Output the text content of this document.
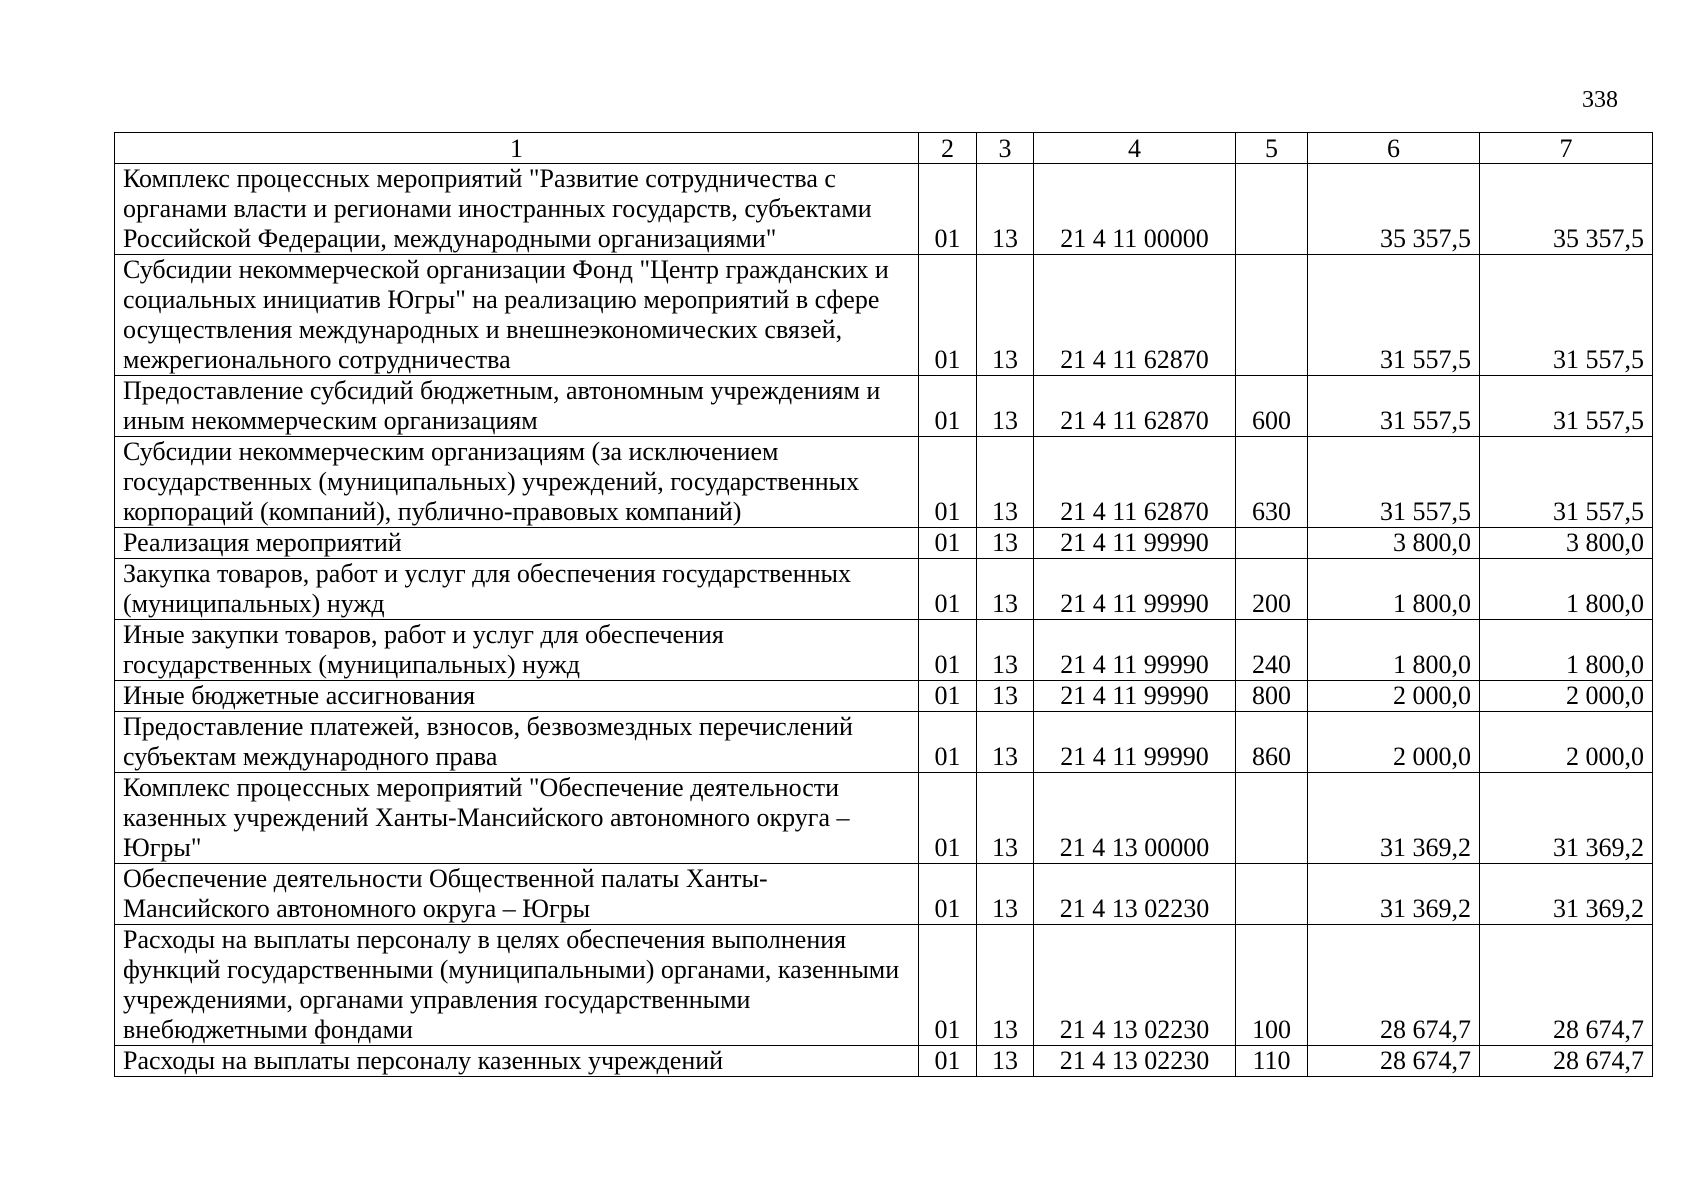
338
1	2	3	4	5	6	7
Комплекс процессных мероприятий "Развитие сотрудничества с органами власти и регионами иностранных государств, субъектами Российской Федерации, международными организациями"	01	13	21 4 11 00000		35 357,5	35 357,5
Субсидии некоммерческой организации Фонд "Центр гражданских и социальных инициатив Югры" на реализацию мероприятий в сфере осуществления международных и внешнеэкономических связей, межрегионального сотрудничества	01	13	21 4 11 62870		31 557,5	31 557,5
Предоставление субсидий бюджетным, автономным учреждениям и иным некоммерческим организациям	01	13	21 4 11 62870	600	31 557,5	31 557,5
Субсидии некоммерческим организациям (за исключением государственных (муниципальных) учреждений, государственных корпораций (компаний), публично-правовых компаний)	01	13	21 4 11 62870	630	31 557,5	31 557,5
Реализация мероприятий	01	13	21 4 11 99990		3 800,0	3 800,0
Закупка товаров, работ и услуг для обеспечения государственных (муниципальных) нужд	01	13	21 4 11 99990	200	1 800,0	1 800,0
Иные закупки товаров, работ и услуг для обеспечения государственных (муниципальных) нужд	01	13	21 4 11 99990	240	1 800,0	1 800,0
Иные бюджетные ассигнования	01	13	21 4 11 99990	800	2 000,0	2 000,0
Предоставление платежей, взносов, безвозмездных перечислений субъектам международного права	01	13	21 4 11 99990	860	2 000,0	2 000,0
Комплекс процессных мероприятий "Обеспечение деятельности казенных учреждений Ханты-Мансийского автономного округа – Югры"	01	13	21 4 13 00000		31 369,2	31 369,2
Обеспечение деятельности Общественной палаты Ханты-Мансийского автономного округа – Югры	01	13	21 4 13 02230		31 369,2	31 369,2
Расходы на выплаты персоналу в целях обеспечения выполнения функций государственными (муниципальными) органами, казенными учреждениями, органами управления государственными внебюджетными фондами	01	13	21 4 13 02230	100	28 674,7	28 674,7
Расходы на выплаты персоналу казенных учреждений	01	13	21 4 13 02230	110	28 674,7	28 674,7
